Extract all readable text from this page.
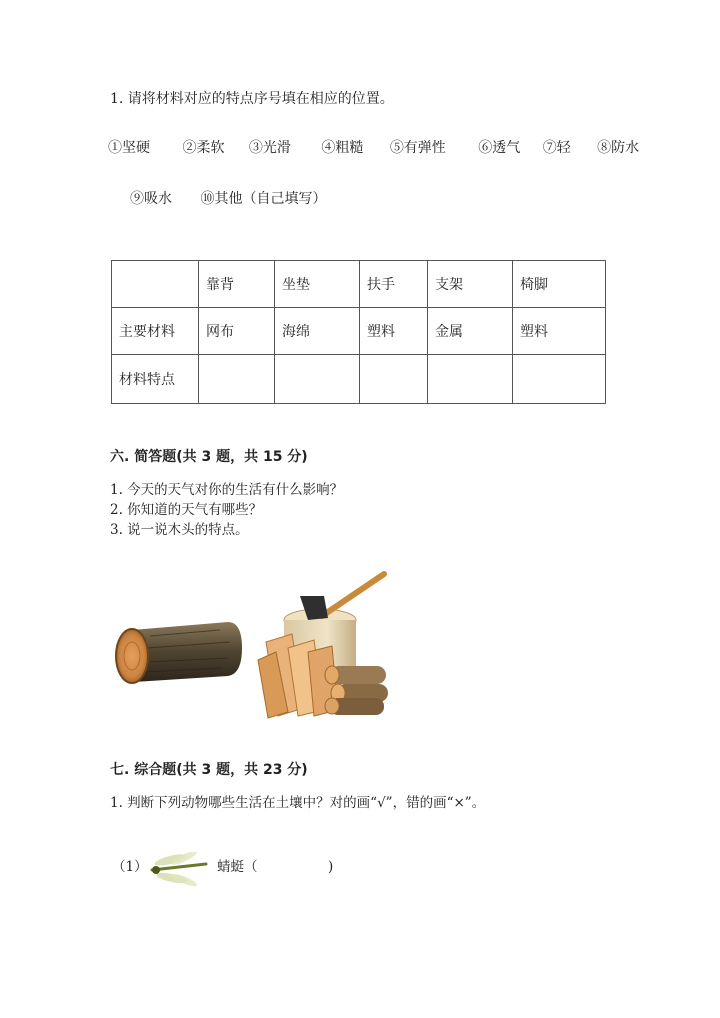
1. 请将材料对应的特点序号填在相应的位置。
①坚硬 ②柔软 ③光滑 ④粗糙 ⑤有弹性 ⑥透气 ⑦轻 ⑧防水
⑨吸水 ⑩其他（自己填写）
	靠背	坐垫	扶手	支架	椅脚
主要材料	网布	海绵	塑料	金属	塑料
材料特点					
六. 简答题(共 3 题，共 15 分)
1. 今天的天气对你的生活有什么影响？
2. 你知道的天气有哪些？
3. 说一说木头的特点。
七. 综合题(共 3 题，共 23 分)
1. 判断下列动物哪些生活在土壤中？对的画“√”，错的画“×”。
（1）	蜻蜓（	)
